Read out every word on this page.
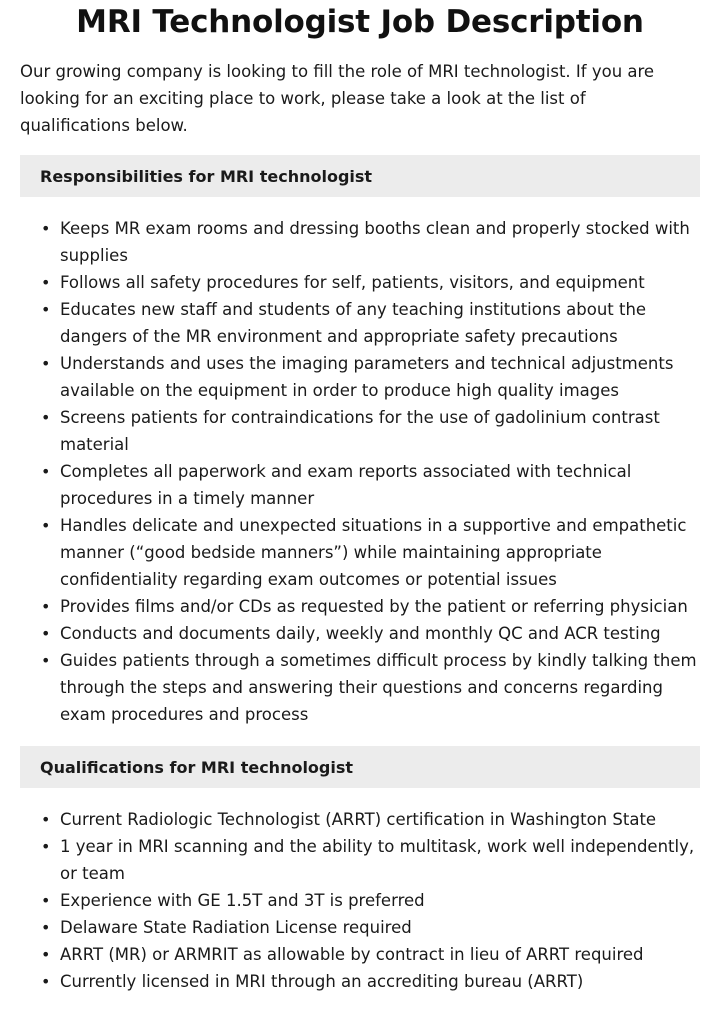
MRI Technologist Job Description

Our growing company is looking to fill the role of MRI technologist. If you are looking for an exciting place to work, please take a look at the list of qualifications below.

Responsibilities for MRI technologist
• Keeps MR exam rooms and dressing booths clean and properly stocked with supplies
• Follows all safety procedures for self, patients, visitors, and equipment
• Educates new staff and students of any teaching institutions about the dangers of the MR environment and appropriate safety precautions
• Understands and uses the imaging parameters and technical adjustments available on the equipment in order to produce high quality images
• Screens patients for contraindications for the use of gadolinium contrast material
• Completes all paperwork and exam reports associated with technical procedures in a timely manner
• Handles delicate and unexpected situations in a supportive and empathetic manner (“good bedside manners”) while maintaining appropriate confidentiality regarding exam outcomes or potential issues
• Provides films and/or CDs as requested by the patient or referring physician
• Conducts and documents daily, weekly and monthly QC and ACR testing
• Guides patients through a sometimes difficult process by kindly talking them through the steps and answering their questions and concerns regarding exam procedures and process
Qualifications for MRI technologist
• Current Radiologic Technologist (ARRT) certification in Washington State
• 1 year in MRI scanning and the ability to multitask, work well independently, or team
• Experience with GE 1.5T and 3T is preferred
• Delaware State Radiation License required
• ARRT (MR) or ARMRIT as allowable by contract in lieu of ARRT required
• Currently licensed in MRI through an accrediting bureau (ARRT)
